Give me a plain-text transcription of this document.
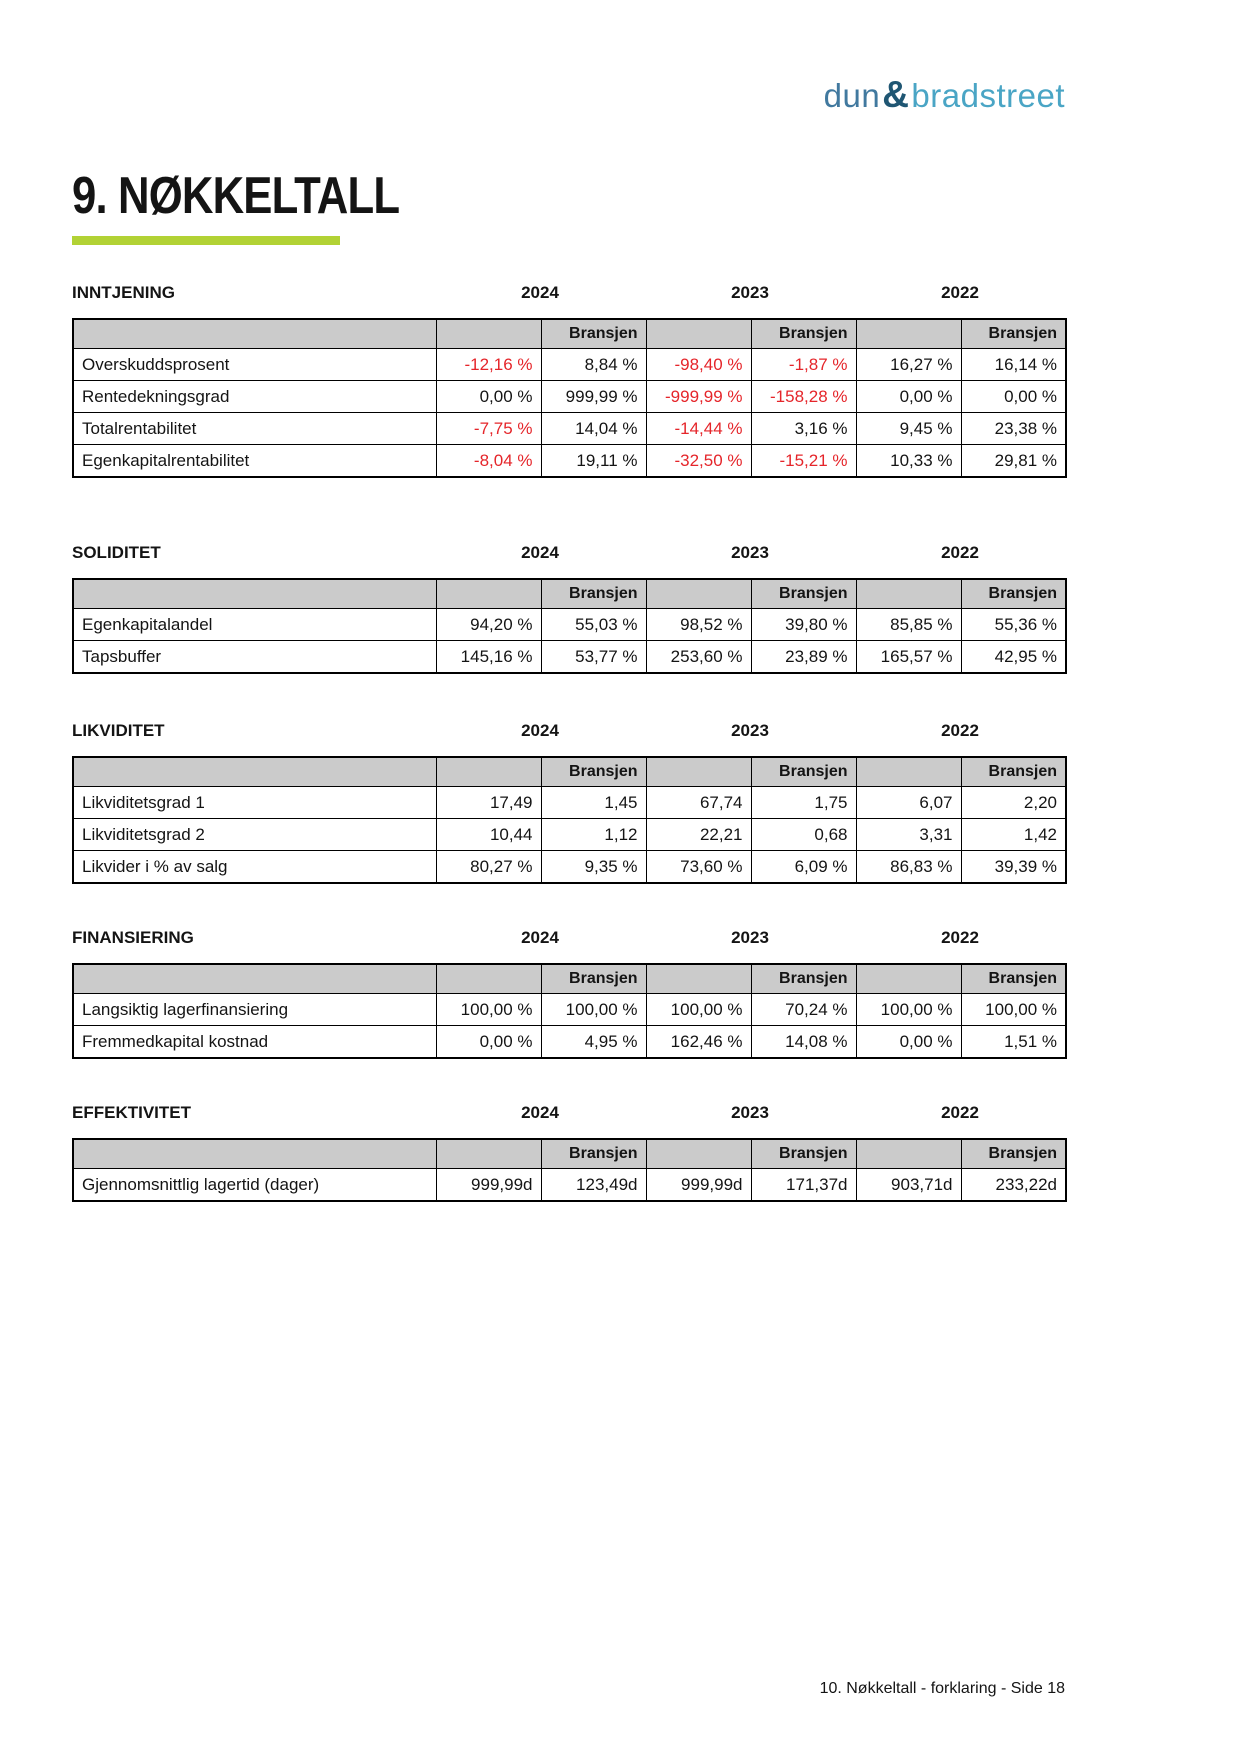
dun&bradstreet
9. NØKKELTALL
INNTJENING	2024	2023	2022
		Bransjen		Bransjen		Bransjen
Overskuddsprosent	-12,16 %	8,84 %	-98,40 %	-1,87 %	16,27 %	16,14 %
Rentedekningsgrad	0,00 %	999,99 %	-999,99 %	-158,28 %	0,00 %	0,00 %
Totalrentabilitet	-7,75 %	14,04 %	-14,44 %	3,16 %	9,45 %	23,38 %
Egenkapitalrentabilitet	-8,04 %	19,11 %	-32,50 %	-15,21 %	10,33 %	29,81 %
SOLIDITET	2024	2023	2022
		Bransjen		Bransjen		Bransjen
Egenkapitalandel	94,20 %	55,03 %	98,52 %	39,80 %	85,85 %	55,36 %
Tapsbuffer	145,16 %	53,77 %	253,60 %	23,89 %	165,57 %	42,95 %
LIKVIDITET	2024	2023	2022
		Bransjen		Bransjen		Bransjen
Likviditetsgrad 1	17,49	1,45	67,74	1,75	6,07	2,20
Likviditetsgrad 2	10,44	1,12	22,21	0,68	3,31	1,42
Likvider i % av salg	80,27 %	9,35 %	73,60 %	6,09 %	86,83 %	39,39 %
FINANSIERING	2024	2023	2022
		Bransjen		Bransjen		Bransjen
Langsiktig lagerfinansiering	100,00 %	100,00 %	100,00 %	70,24 %	100,00 %	100,00 %
Fremmedkapital kostnad	0,00 %	4,95 %	162,46 %	14,08 %	0,00 %	1,51 %
EFFEKTIVITET	2024	2023	2022
		Bransjen		Bransjen		Bransjen
Gjennomsnittlig lagertid (dager)	999,99d	123,49d	999,99d	171,37d	903,71d	233,22d
10. Nøkkeltall - forklaring - Side 18
